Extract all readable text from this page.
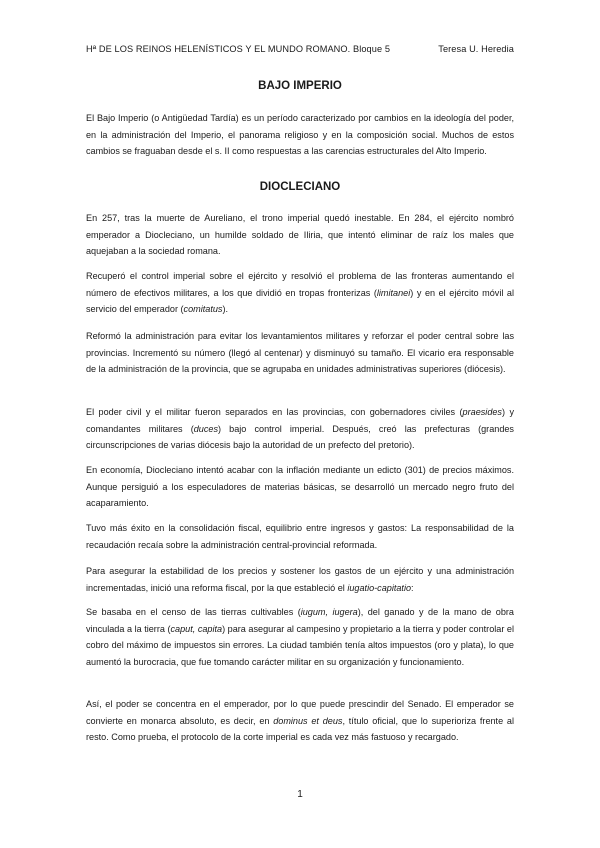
Hª DE LOS REINOS HELENÍSTICOS Y EL MUNDO ROMANO. Bloque 5	Teresa U. Heredia
BAJO IMPERIO

El Bajo Imperio (o Antigüedad Tardía) es un período caracterizado por cambios en la ideología del poder, en la administración del Imperio, el panorama religioso y en la composición social. Muchos de estos cambios se fraguaban desde el s. II como respuestas a las carencias estructurales del Alto Imperio.

DIOCLECIANO

En 257, tras la muerte de Aureliano, el trono imperial quedó inestable. En 284, el ejército nombró emperador a Diocleciano, un humilde soldado de Iliria, que intentó eliminar de raíz los males que aquejaban a la sociedad romana.

Recuperó el control imperial sobre el ejército y resolvió el problema de las fronteras aumentando el número de efectivos militares, a los que dividió en tropas fronterizas (limitanei) y en el ejército móvil al servicio del emperador (comitatus).

Reformó la administración para evitar los levantamientos militares y reforzar el poder central sobre las provincias. Incrementó su número (llegó al centenar) y disminuyó su tamaño. El vicario era responsable de la administración de la provincia, que se agrupaba en unidades administrativas superiores (diócesis).

El poder civil y el militar fueron separados en las provincias, con gobernadores civiles (praesides) y comandantes militares (duces) bajo control imperial. Después, creó las prefecturas (grandes circunscripciones de varias diócesis bajo la autoridad de un prefecto del pretorio).

En economía, Diocleciano intentó acabar con la inflación mediante un edicto (301) de precios máximos. Aunque persiguió a los especuladores de materias básicas, se desarrolló un mercado negro fruto del acaparamiento.

Tuvo más éxito en la consolidación fiscal, equilibrio entre ingresos y gastos: La responsabilidad de la recaudación recaía sobre la administración central-provincial reformada.

Para asegurar la estabilidad de los precios y sostener los gastos de un ejército y una administración incrementadas, inició una reforma fiscal, por la que estableció el iugatio-capitatio:

Se basaba en el censo de las tierras cultivables (iugum, iugera), del ganado y de la mano de obra vinculada a la tierra (caput, capita) para asegurar al campesino y propietario a la tierra y poder controlar el cobro del máximo de impuestos sin errores. La ciudad también tenía altos impuestos (oro y plata), lo que aumentó la burocracia, que fue tomando carácter militar en su organización y funcionamiento.

Así, el poder se concentra en el emperador, por lo que puede prescindir del Senado. El emperador se convierte en monarca absoluto, es decir, en dominus et deus, título oficial, que lo superioriza frente al resto. Como prueba, el protocolo de la corte imperial es cada vez más fastuoso y recargado.

1
